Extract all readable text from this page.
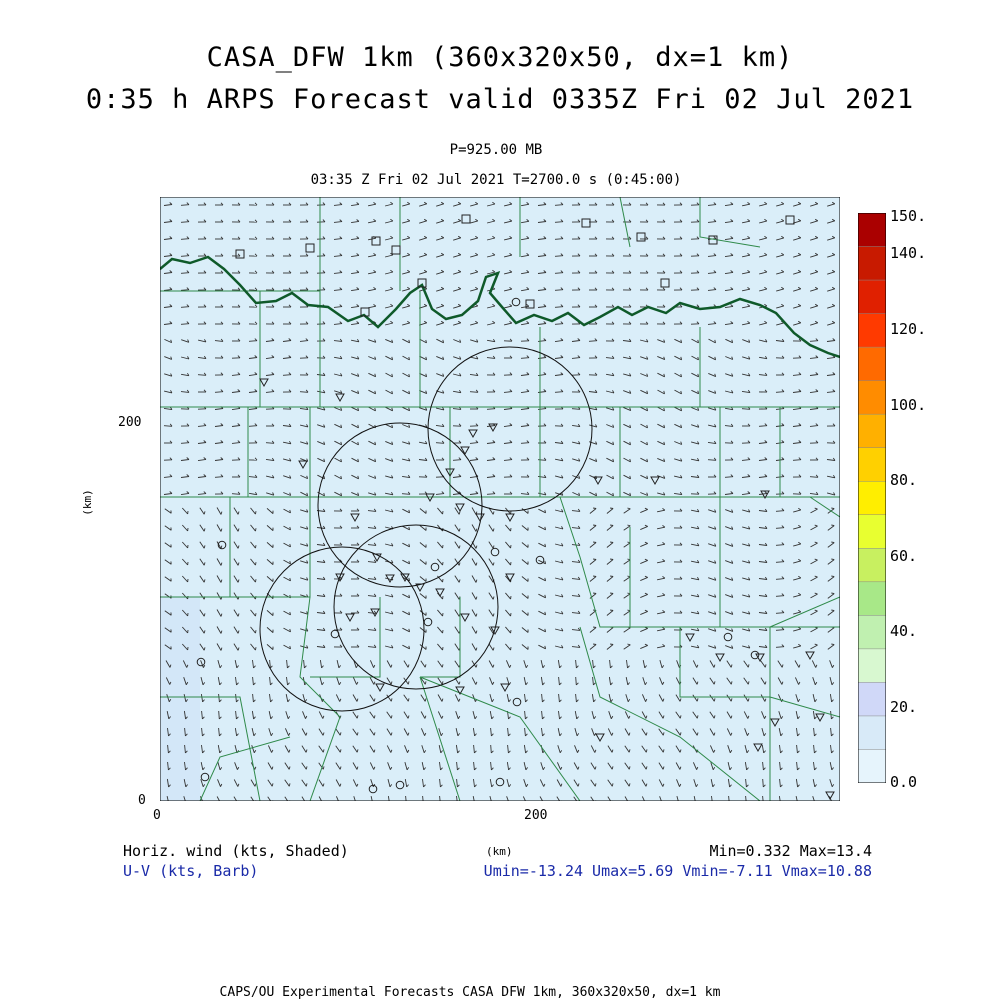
CASA_DFW 1km (360x320x50, dx=1 km)
0:35 h ARPS Forecast valid 0335Z Fri 02 Jul 2021
P=925.00 MB
03:35 Z Fri 02 Jul 2021 T=2700.0 s (0:45:00)
200
0
0	200
(km)
(km)
150.
140.
120.
100.
80.
60.
40.
20.
0.0
Horiz. wind (kts, Shaded)
U-V (kts, Barb)
Min=0.332 Max=13.4
Umin=-13.24 Umax=5.69 Vmin=-7.11 Vmax=10.88
CAPS/OU Experimental Forecasts CASA DFW 1km, 360x320x50, dx=1 km
